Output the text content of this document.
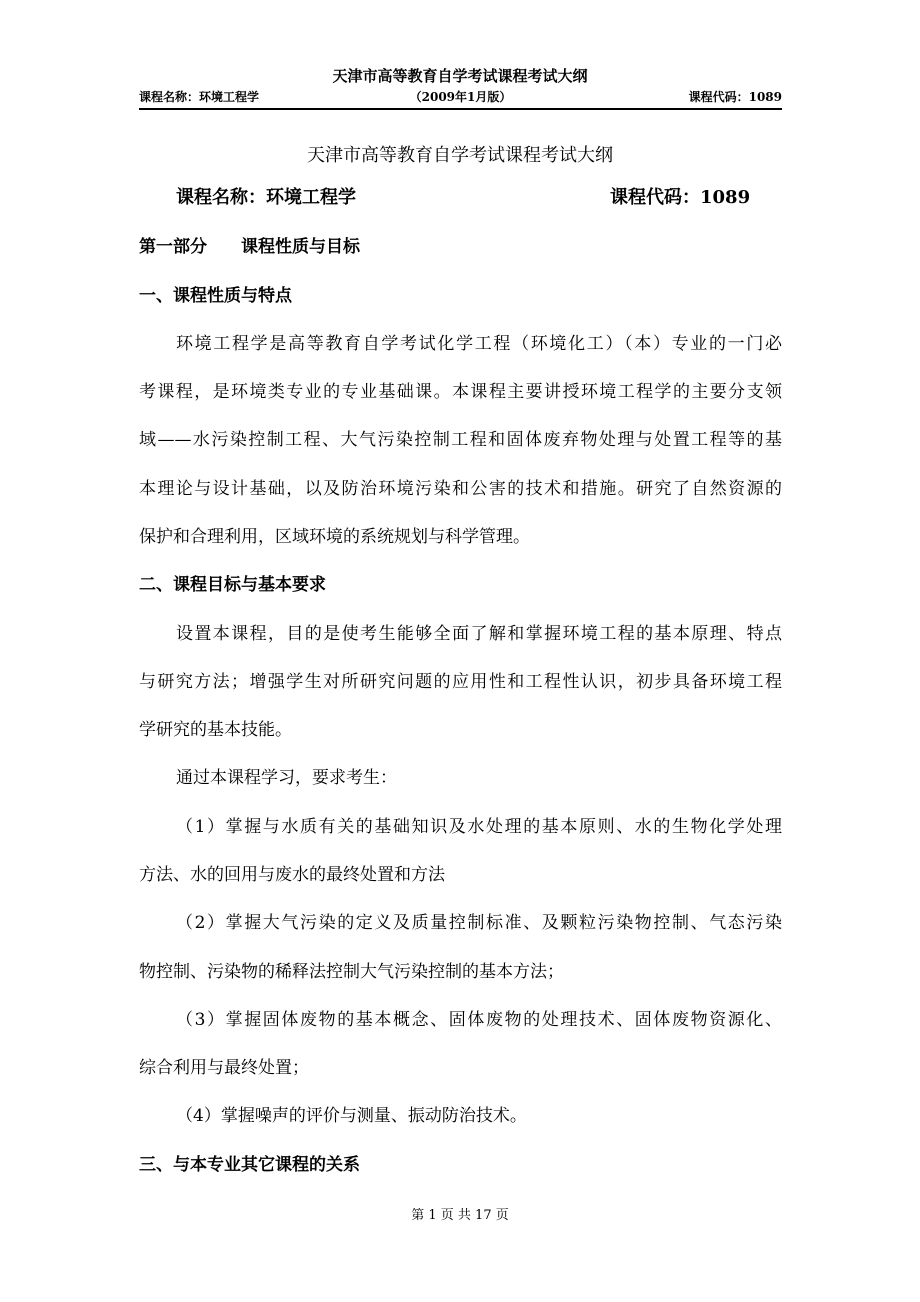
天津市高等教育自学考试课程考试大纲
（2009年1月版）
课程名称：环境工程学	课程代码：1089
天津市高等教育自学考试课程考试大纲
课程名称：环境工程学	课程代码：1089
第一部分　　课程性质与目标
一、课程性质与特点
环境工程学是高等教育自学考试化学工程（环境化工）（本）专业的一门必
考课程，是环境类专业的专业基础课。本课程主要讲授环境工程学的主要分支领
域——水污染控制工程、大气污染控制工程和固体废弃物处理与处置工程等的基
本理论与设计基础，以及防治环境污染和公害的技术和措施。研究了自然资源的
保护和合理利用，区域环境的系统规划与科学管理。
二、课程目标与基本要求
设置本课程，目的是使考生能够全面了解和掌握环境工程的基本原理、特点
与研究方法；增强学生对所研究问题的应用性和工程性认识，初步具备环境工程
学研究的基本技能。
通过本课程学习，要求考生：
（1）掌握与水质有关的基础知识及水处理的基本原则、水的生物化学处理
方法、水的回用与废水的最终处置和方法
（2）掌握大气污染的定义及质量控制标准、及颗粒污染物控制、气态污染
物控制、污染物的稀释法控制大气污染控制的基本方法；
（3）掌握固体废物的基本概念、固体废物的处理技术、固体废物资源化、
综合利用与最终处置；
（4）掌握噪声的评价与测量、振动防治技术。
三、与本专业其它课程的关系
第 1 页 共 17 页
